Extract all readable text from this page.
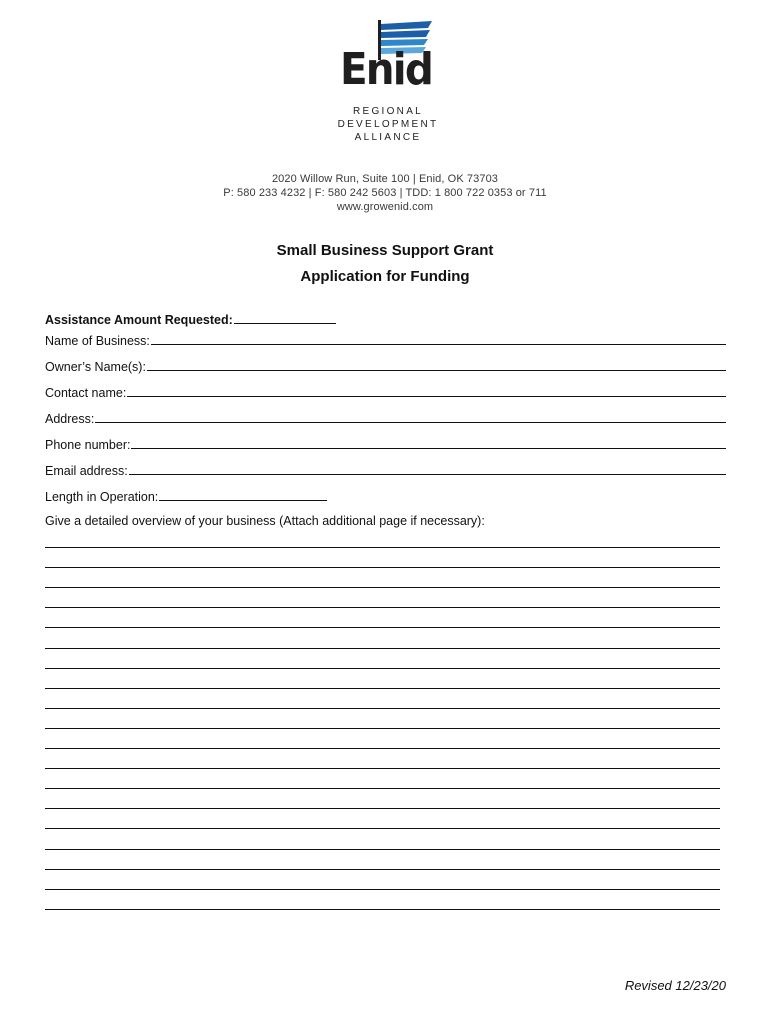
Enid
REGIONAL
DEVELOPMENT
ALLIANCE
2020 Willow Run, Suite 100 | Enid, OK 73703
P: 580 233 4232 | F: 580 242 5603 | TDD: 1 800 722 0353 or 711
www.growenid.com
Small Business Support Grant
Application for Funding
Assistance Amount Requested:
Name of Business:
Owner’s Name(s):
Contact name:
Address:
Phone number:
Email address:
Length in Operation:
Give a detailed overview of your business (Attach additional page if necessary):
Revised 12/23/20
